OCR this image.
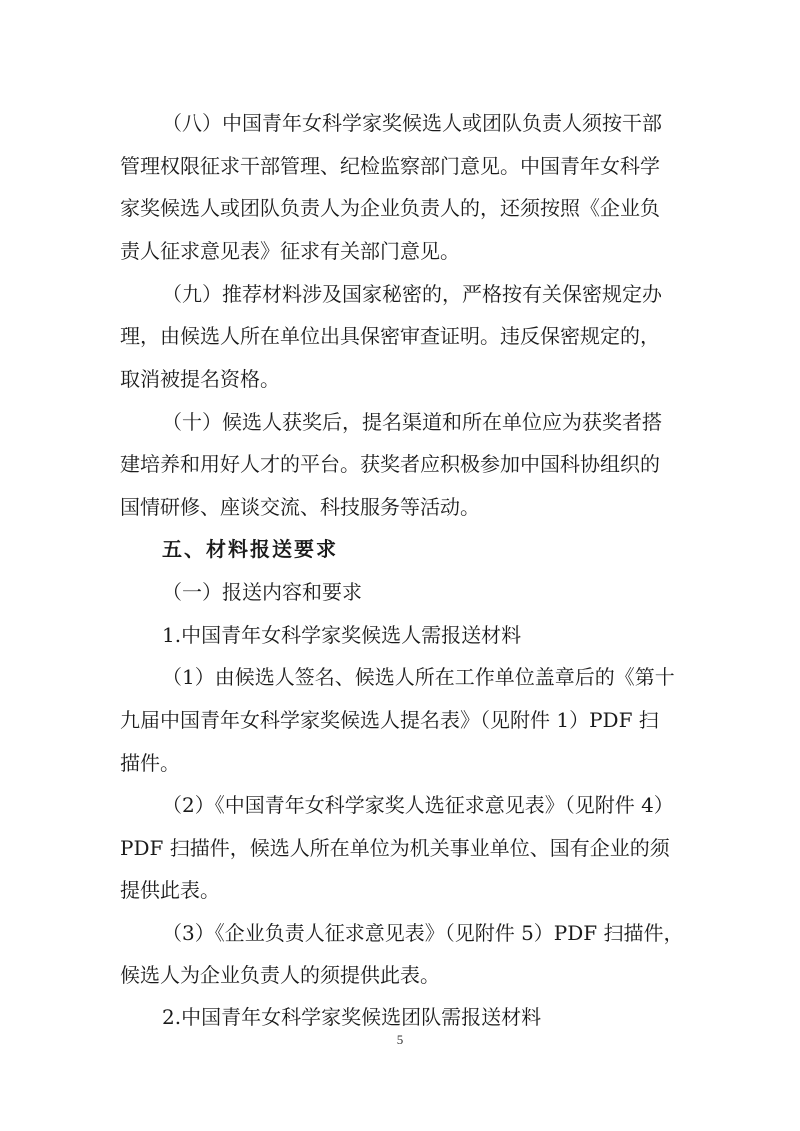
（八）中国青年女科学家奖候选人或团队负责人须按干部
管理权限征求干部管理、纪检监察部门意见。中国青年女科学
家奖候选人或团队负责人为企业负责人的，还须按照《企业负
责人征求意见表》征求有关部门意见。
（九）推荐材料涉及国家秘密的，严格按有关保密规定办
理，由候选人所在单位出具保密审查证明。违反保密规定的，
取消被提名资格。
（十）候选人获奖后，提名渠道和所在单位应为获奖者搭
建培养和用好人才的平台。获奖者应积极参加中国科协组织的
国情研修、座谈交流、科技服务等活动。
五、材料报送要求
（一）报送内容和要求
1.中国青年女科学家奖候选人需报送材料
（1）由候选人签名、候选人所在工作单位盖章后的《第十
九届中国青年女科学家奖候选人提名表》（见附件 1）PDF 扫
描件。
（2）《中国青年女科学家奖人选征求意见表》（见附件 4）
PDF 扫描件，候选人所在单位为机关事业单位、国有企业的须
提供此表。
（3）《企业负责人征求意见表》（见附件 5）PDF 扫描件，
候选人为企业负责人的须提供此表。
2.中国青年女科学家奖候选团队需报送材料
5
